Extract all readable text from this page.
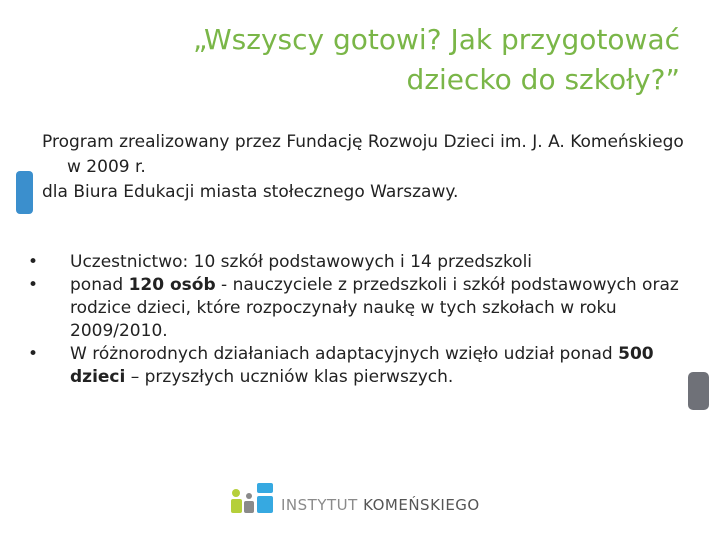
„Wszyscy gotowi? Jak przygotować
dziecko do szkoły?”
Program zrealizowany przez Fundację Rozwoju Dzieci im. J. A. Komeńskiego w 2009 r.
dla Biura Edukacji miasta stołecznego Warszawy.
• Uczestnictwo: 10 szkół podstawowych i 14 przedszkoli
• ponad 120 osób - nauczyciele z przedszkoli i szkół podstawowych oraz rodzice dzieci, które rozpoczynały naukę w tych szkołach w roku 2009/2010.
• W różnorodnych działaniach adaptacyjnych wzięło udział ponad 500 dzieci – przyszłych uczniów klas pierwszych.
INSTYTUT KOMEŃSKIEGO
